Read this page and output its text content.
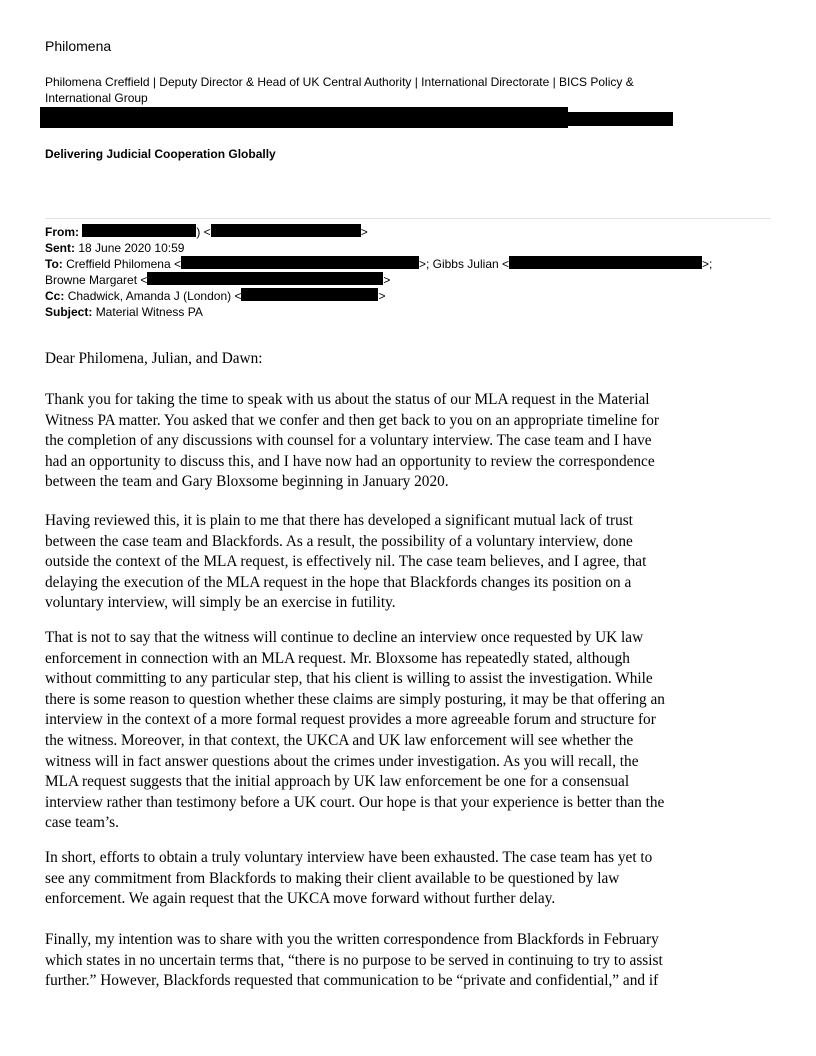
Philomena
Philomena Creffield | Deputy Director & Head of UK Central Authority | International Directorate | BICS Policy &
International Group
Delivering Judicial Cooperation Globally
From:	) <	>
Sent: 18 June 2020 10:59
To: Creffield Philomena <	>; Gibbs Julian <	>;
Browne Margaret <	>
Cc: Chadwick, Amanda J (London) <	>
Subject: Material Witness PA
Dear Philomena, Julian, and Dawn:
Thank you for taking the time to speak with us about the status of our MLA request in the Material
Witness PA matter. You asked that we confer and then get back to you on an appropriate timeline for
the completion of any discussions with counsel for a voluntary interview. The case team and I have
had an opportunity to discuss this, and I have now had an opportunity to review the correspondence
between the team and Gary Bloxsome beginning in January 2020.
Having reviewed this, it is plain to me that there has developed a significant mutual lack of trust
between the case team and Blackfords. As a result, the possibility of a voluntary interview, done
outside the context of the MLA request, is effectively nil. The case team believes, and I agree, that
delaying the execution of the MLA request in the hope that Blackfords changes its position on a
voluntary interview, will simply be an exercise in futility.
That is not to say that the witness will continue to decline an interview once requested by UK law
enforcement in connection with an MLA request. Mr. Bloxsome has repeatedly stated, although
without committing to any particular step, that his client is willing to assist the investigation. While
there is some reason to question whether these claims are simply posturing, it may be that offering an
interview in the context of a more formal request provides a more agreeable forum and structure for
the witness. Moreover, in that context, the UKCA and UK law enforcement will see whether the
witness will in fact answer questions about the crimes under investigation. As you will recall, the
MLA request suggests that the initial approach by UK law enforcement be one for a consensual
interview rather than testimony before a UK court. Our hope is that your experience is better than the
case team’s.
In short, efforts to obtain a truly voluntary interview have been exhausted. The case team has yet to
see any commitment from Blackfords to making their client available to be questioned by law
enforcement. We again request that the UKCA move forward without further delay.
Finally, my intention was to share with you the written correspondence from Blackfords in February
which states in no uncertain terms that, “there is no purpose to be served in continuing to try to assist
further.” However, Blackfords requested that communication to be “private and confidential,” and if
